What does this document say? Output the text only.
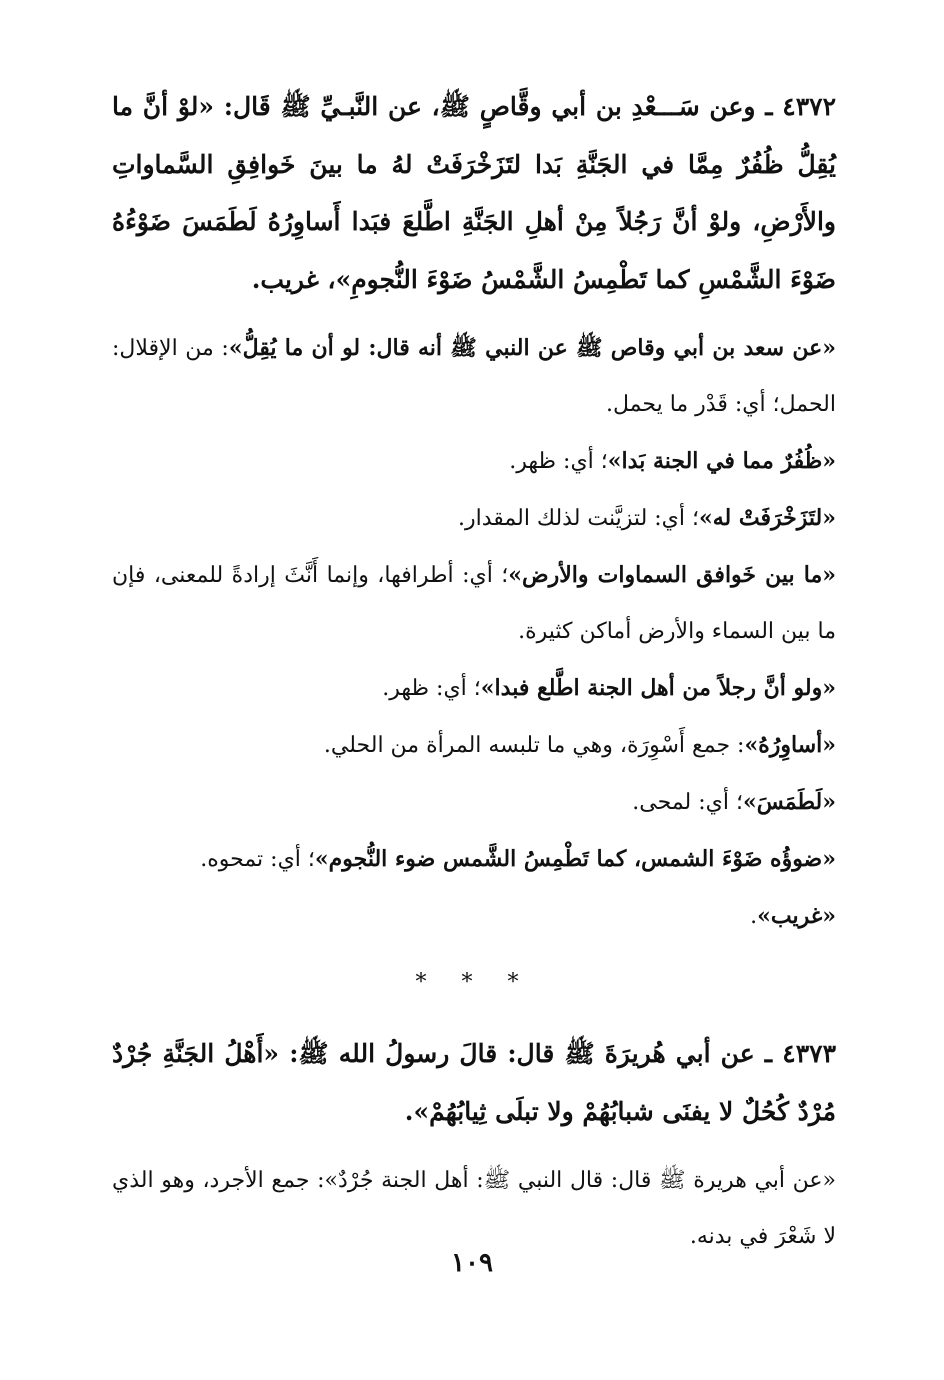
٤٣٧٢ ـ وعن سَـــعْدِ بن أبي وقَّاصٍ ﷺ، عن النَّبـيِّ ﷺ قَال: «لوْ أنَّ ما يُقِلُّ ظُفُرٌ مِمَّا في الجَنَّةِ بَدا لتَزَخْرَفَتْ لهُ ما بينَ خَوافِقِ السَّماواتِ والأَرْضِ، ولوْ أنَّ رَجُلاً مِنْ أهلِ الجَنَّةِ اطَّلعَ فبَدا أَساوِرُهُ لَطَمَسَ ضَوْءُهُ ضَوْءَ الشَّمْسِ كما تَطْمِسُ الشَّمْسُ ضَوْءَ النُّجومِ»، غريب.

«عن سعد بن أبي وقاص ﷺ عن النبي ﷺ أنه قال: لو أن ما يُقِلُّ»: من الإقلال: الحمل؛ أي: قَدْر ما يحمل.

«ظُفُرٌ مما في الجنة بَدا»؛ أي: ظهر.

«لتَزَخْرَفَتْ له»؛ أي: لتزيَّنت لذلك المقدار.

«ما بين خَوافق السماوات والأرض»؛ أي: أطرافها، وإنما أَنَّثَ إرادةً للمعنى، فإن ما بين السماء والأرض أماكن كثيرة.

«ولو أنَّ رجلاً من أهل الجنة اطَّلع فبدا»؛ أي: ظهر.

«أساوِرُهُ»: جمع أَسْوِرَة، وهي ما تلبسه المرأة من الحلي.

«لَطَمَسَ»؛ أي: لمحى.

«ضوؤُه ضَوْءَ الشمس، كما تَطْمِسُ الشَّمس ضوء النُّجوم»؛ أي: تمحوه.

«غريب».

* * *

٤٣٧٣ ـ عن أبي هُريرَةَ ﷺ قال: قالَ رسولُ الله ﷺ: «أَهْلُ الجَنَّةِ جُرْدٌ مُرْدٌ كُحُلٌ لا يفنَى شبابُهُمْ ولا تبلَى ثِيابُهُمْ».

«عن أبي هريرة ﷺ قال: قال النبي ﷺ: أهل الجنة جُرْدٌ»: جمع الأجرد، وهو الذي لا شَعْرَ في بدنه.

١٠٩
